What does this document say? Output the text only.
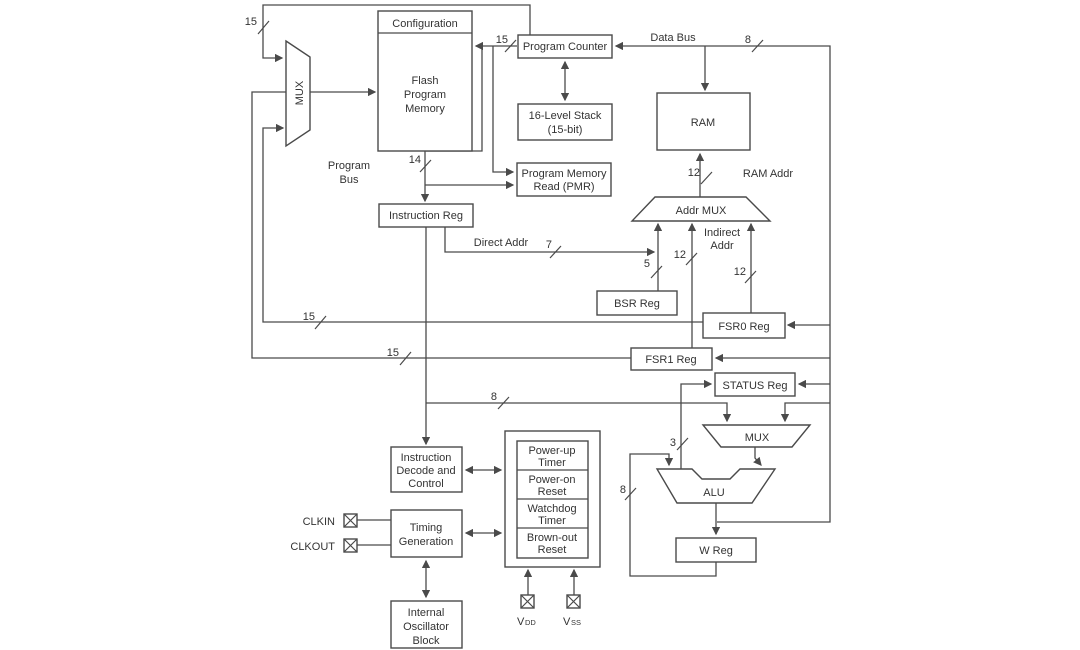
Configuration
Flash
Program
Memory
MUX
Program Counter
16-Level Stack
(15-bit)
RAM
Program Memory
Read (PMR)
Instruction Reg	Addr MUX
BSR Reg
FSR0 Reg
FSR1 Reg
STATUS Reg
MUX
ALU
W Reg
Instruction
Decode and
Control
Timing
Generation
Internal
Oscillator
Block
Power-up
Timer
Power-on
Reset
Watchdog
Timer
Brown-out
Reset
Data Bus
Program
Bus	RAM Addr
Direct Addr
Indirect
Addr
15
15	8
14
12
15
15
12
12
5
7
8
3
8
CLKIN
CLKOUT
V DD V SS
